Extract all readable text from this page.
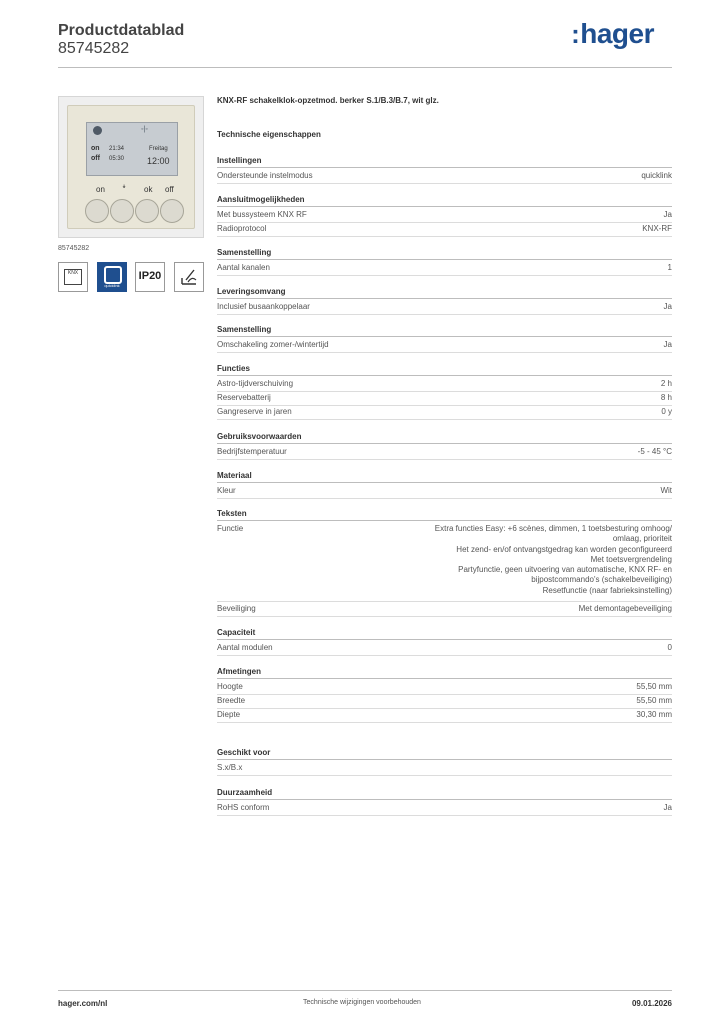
Productdatablad
85745282	:hager
◦|◦
on 21:34
off 05:30
Freitag
12:00
on ꜜ ok off
85745282
KNX
quicklink
IP20
KNX-RF schakelklok-opzetmod. berker S.1/B.3/B.7, wit glz.
Technische eigenschappen
Instellingen
Ondersteunde instelmodus	quicklink
Aansluitmogelijkheden
Met bussysteem KNX RF	Ja
Radioprotocol	KNX-RF
Samenstelling
Aantal kanalen	1
Leveringsomvang
Inclusief busaankoppelaar	Ja
Samenstelling
Omschakeling zomer-/wintertijd	Ja
Functies
Astro-tijdverschuiving	2 h
Reservebatterij	8 h
Gangreserve in jaren	0 y
Gebruiksvoorwaarden
Bedrijfstemperatuur	-5 - 45 °C
Materiaal
Kleur	Wit
Teksten
Functie	Extra functies Easy: +6 scènes, dimmen, 1 toetsbesturing omhoog/
omlaag, prioriteit
Het zend- en/of ontvangstgedrag kan worden geconfigureerd
Met toetsvergrendeling
Partyfunctie, geen uitvoering van automatische, KNX RF- en
bijpostcommando's (schakelbeveiliging)
Resetfunctie (naar fabrieksinstelling)
Beveiliging	Met demontagebeveiliging
Capaciteit
Aantal modulen	0
Afmetingen
Hoogte	55,50 mm
Breedte	55,50 mm
Diepte	30,30 mm
Geschikt voor
S.x/B.x
Duurzaamheid
RoHS conform	Ja
hager.com/nl	Technische wijzigingen voorbehouden	09.01.2026
